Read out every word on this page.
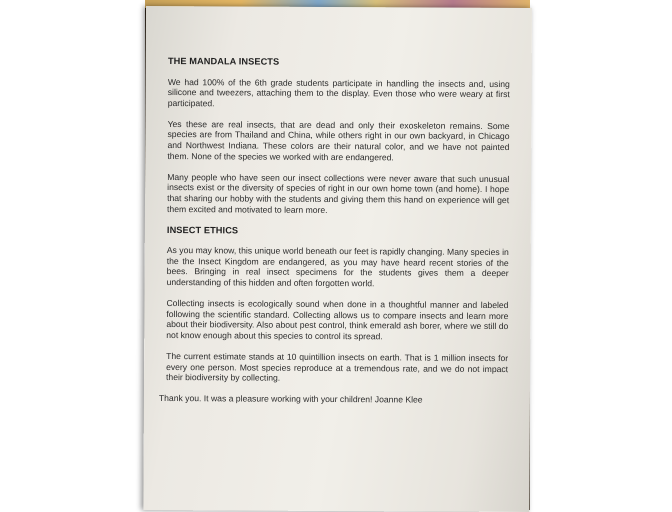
THE MANDALA INSECTS

We had 100% of the 6th grade students participate in handling the insects and, using silicone and tweezers, attaching them to the display. Even those who were weary at first participated.

Yes these are real insects, that are dead and only their exoskeleton remains. Some species are from Thailand and China, while others right in our own backyard, in Chicago and Northwest Indiana. These colors are their natural color, and we have not painted them. None of the species we worked with are endangered.

Many people who have seen our insect collections were never aware that such unusual insects exist or the diversity of species of right in our own home town (and home). I hope that sharing our hobby with the students and giving them this hand on experience will get them excited and motivated to learn more.

INSECT ETHICS

As you may know, this unique world beneath our feet is rapidly changing. Many species in the the Insect Kingdom are endangered, as you may have heard recent stories of the bees. Bringing in real insect specimens for the students gives them a deeper understanding of this hidden and often forgotten world.

Collecting insects is ecologically sound when done in a thoughtful manner and labeled following the scientific standard. Collecting allows us to compare insects and learn more about their biodiversity. Also about pest control, think emerald ash borer, where we still do not know enough about this species to control its spread.

The current estimate stands at 10 quintillion insects on earth. That is 1 million insects for every one person. Most species reproduce at a tremendous rate, and we do not impact their biodiversity by collecting.

Thank you. It was a pleasure working with your children! Joanne Klee
